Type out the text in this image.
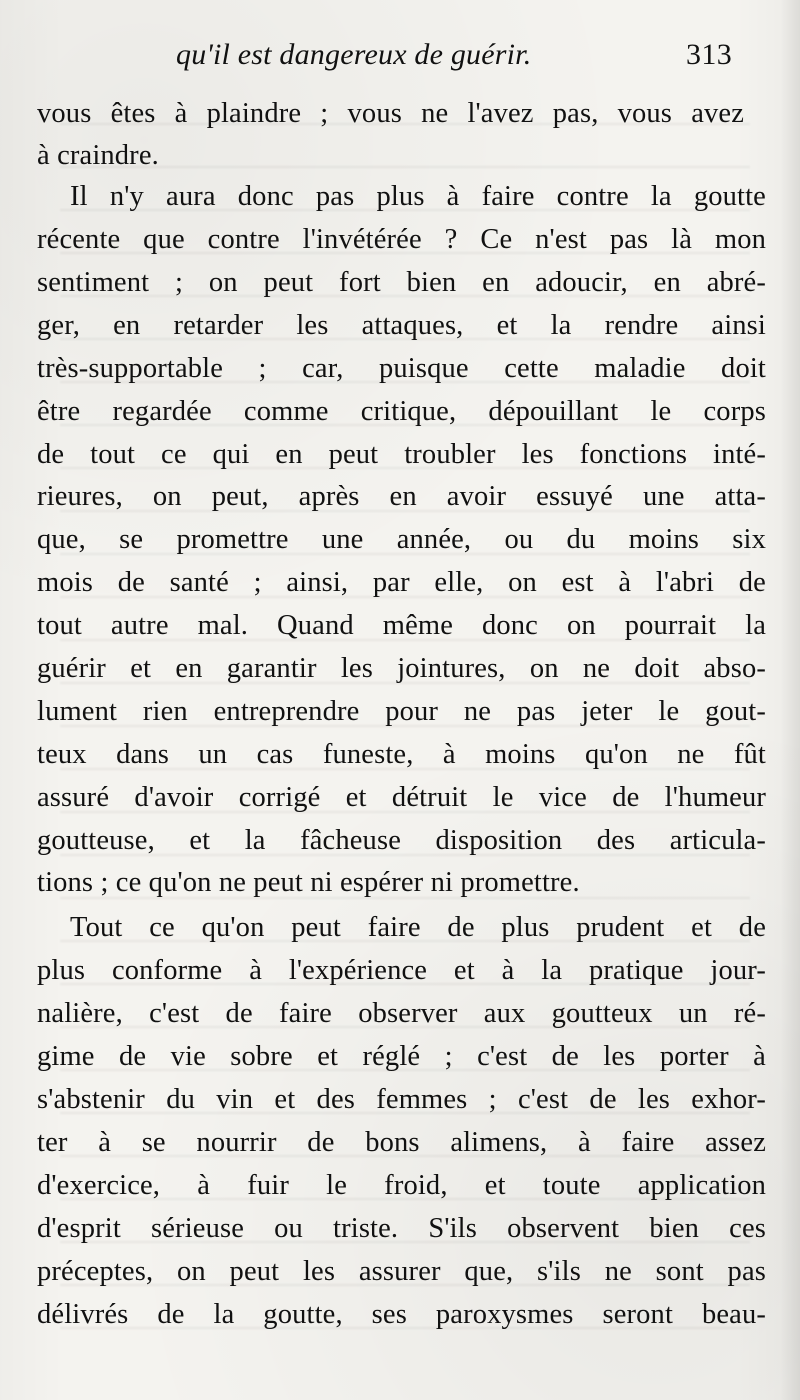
qu'il est dangereux de guérir.	313
vous êtes à plaindre ; vous ne l'avez pas, vous avez
à craindre.
Il n'y aura donc pas plus à faire contre la goutte
récente que contre l'invétérée ? Ce n'est pas là mon
sentiment ; on peut fort bien en adoucir, en abré-
ger, en retarder les attaques, et la rendre ainsi
très-supportable ; car, puisque cette maladie doit
être regardée comme critique, dépouillant le corps
de tout ce qui en peut troubler les fonctions inté-
rieures, on peut, après en avoir essuyé une atta-
que, se promettre une année, ou du moins six
mois de santé ; ainsi, par elle, on est à l'abri de
tout autre mal. Quand même donc on pourrait la
guérir et en garantir les jointures, on ne doit abso-
lument rien entreprendre pour ne pas jeter le gout-
teux dans un cas funeste, à moins qu'on ne fût
assuré d'avoir corrigé et détruit le vice de l'humeur
goutteuse, et la fâcheuse disposition des articula-
tions ; ce qu'on ne peut ni espérer ni promettre.
Tout ce qu'on peut faire de plus prudent et de
plus conforme à l'expérience et à la pratique jour-
nalière, c'est de faire observer aux goutteux un ré-
gime de vie sobre et réglé ; c'est de les porter à
s'abstenir du vin et des femmes ; c'est de les exhor-
ter à se nourrir de bons alimens, à faire assez
d'exercice, à fuir le froid, et toute application
d'esprit sérieuse ou triste. S'ils observent bien ces
préceptes, on peut les assurer que, s'ils ne sont pas
délivrés de la goutte, ses paroxysmes seront beau-
